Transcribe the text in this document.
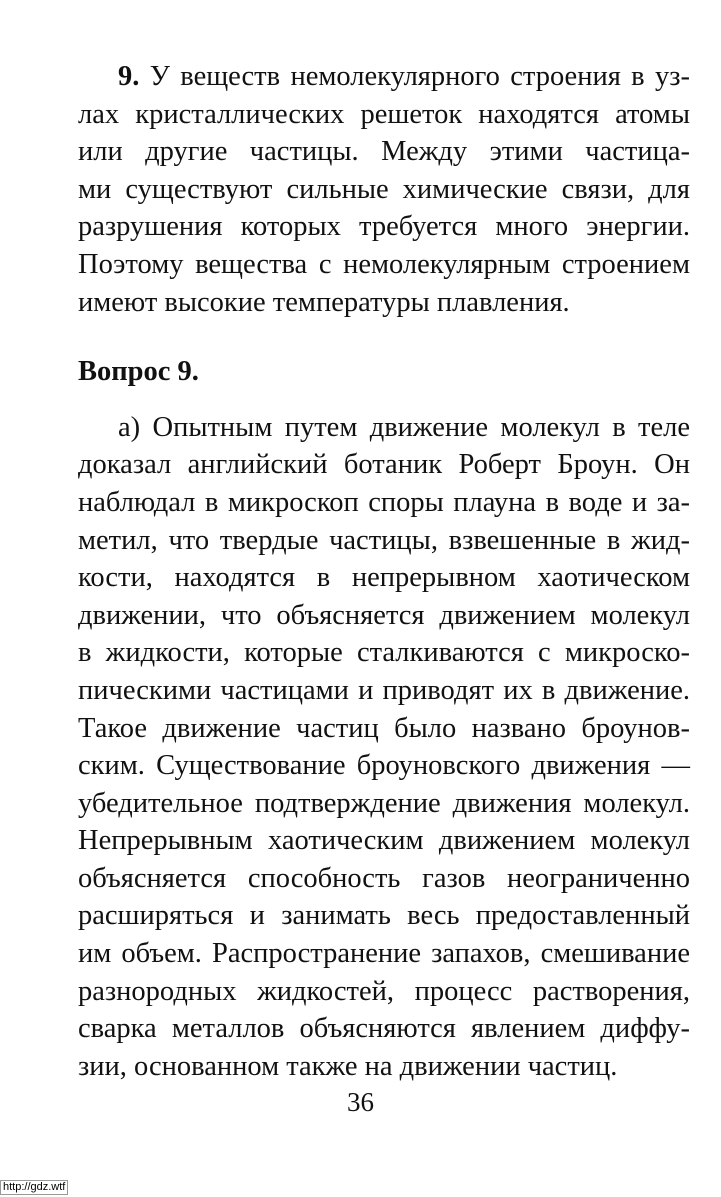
9. У веществ немолекулярного строения в уз-
лах кристаллических решеток находятся атомы
или другие частицы. Между этими частица-
ми существуют сильные химические связи, для
разрушения которых требуется много энергии.
Поэтому вещества с немолекулярным строением
имеют высокие температуры плавления.
Вопрос 9.
а) Опытным путем движение молекул в теле
доказал английский ботаник Роберт Броун. Он
наблюдал в микроскоп споры плауна в воде и за-
метил, что твердые частицы, взвешенные в жид-
кости, находятся в непрерывном хаотическом
движении, что объясняется движением молекул
в жидкости, которые сталкиваются с микроско-
пическими частицами и приводят их в движение.
Такое движение частиц было названо броунов-
ским. Существование броуновского движения —
убедительное подтверждение движения молекул.
Непрерывным хаотическим движением молекул
объясняется способность газов неограниченно
расширяться и занимать весь предоставленный
им объем. Распространение запахов, смешивание
разнородных жидкостей, процесс растворения,
сварка металлов объясняются явлением диффу-
зии, основанном также на движении частиц.
36
http://gdz.wtf
